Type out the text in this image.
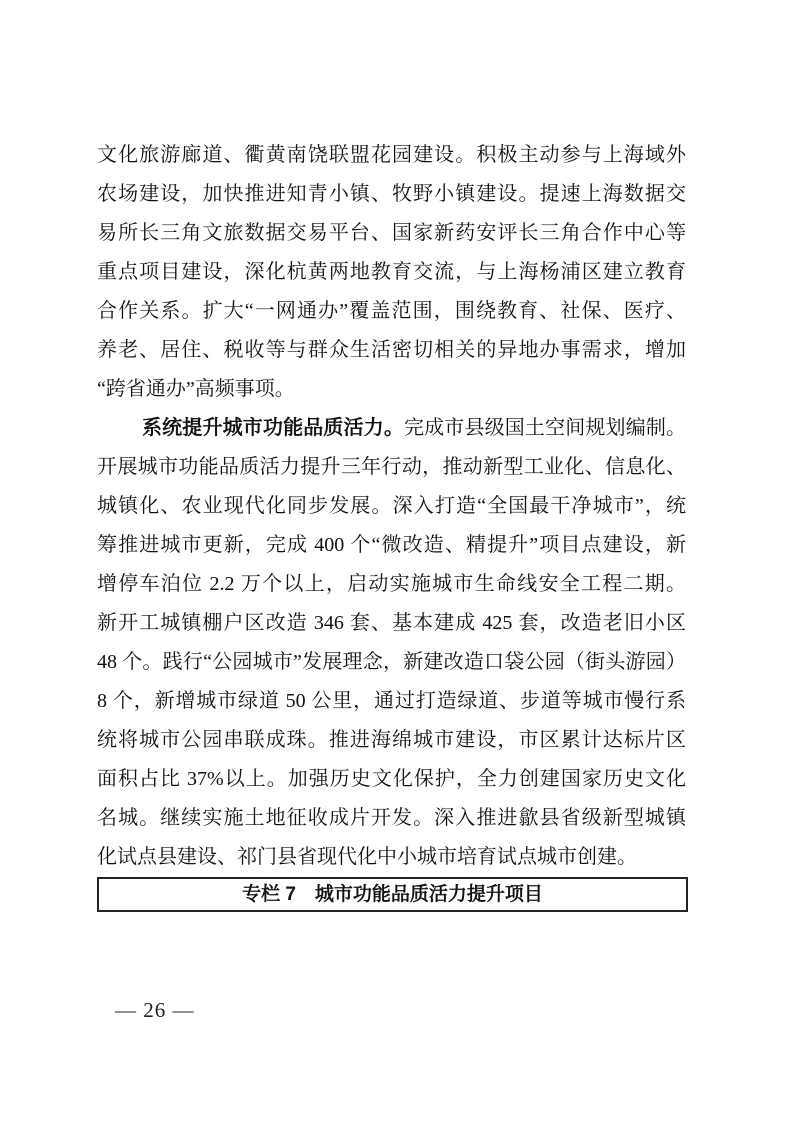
文化旅游廊道、衢黄南饶联盟花园建设。积极主动参与上海域外

农场建设，加快推进知青小镇、牧野小镇建设。提速上海数据交

易所长三角文旅数据交易平台、国家新药安评长三角合作中心等

重点项目建设，深化杭黄两地教育交流，与上海杨浦区建立教育

合作关系。扩大“一网通办”覆盖范围，围绕教育、社保、医疗、

养老、居住、税收等与群众生活密切相关的异地办事需求，增加

“跨省通办”高频事项。

系统提升城市功能品质活力。完成市县级国土空间规划编制。

开展城市功能品质活力提升三年行动，推动新型工业化、信息化、

城镇化、农业现代化同步发展。深入打造“全国最干净城市”，统

筹推进城市更新，完成 400 个“微改造、精提升”项目点建设，新

增停车泊位 2.2 万个以上，启动实施城市生命线安全工程二期。

新开工城镇棚户区改造 346 套、基本建成 425 套，改造老旧小区

48 个。践行“公园城市”发展理念，新建改造口袋公园（街头游园）

8 个，新增城市绿道 50 公里，通过打造绿道、步道等城市慢行系

统将城市公园串联成珠。推进海绵城市建设，市区累计达标片区

面积占比 37%以上。加强历史文化保护，全力创建国家历史文化

名城。继续实施土地征收成片开发。深入推进歙县省级新型城镇

化试点县建设、祁门县省现代化中小城市培育试点城市创建。

专栏 7　城市功能品质活力提升项目
— 26 —
